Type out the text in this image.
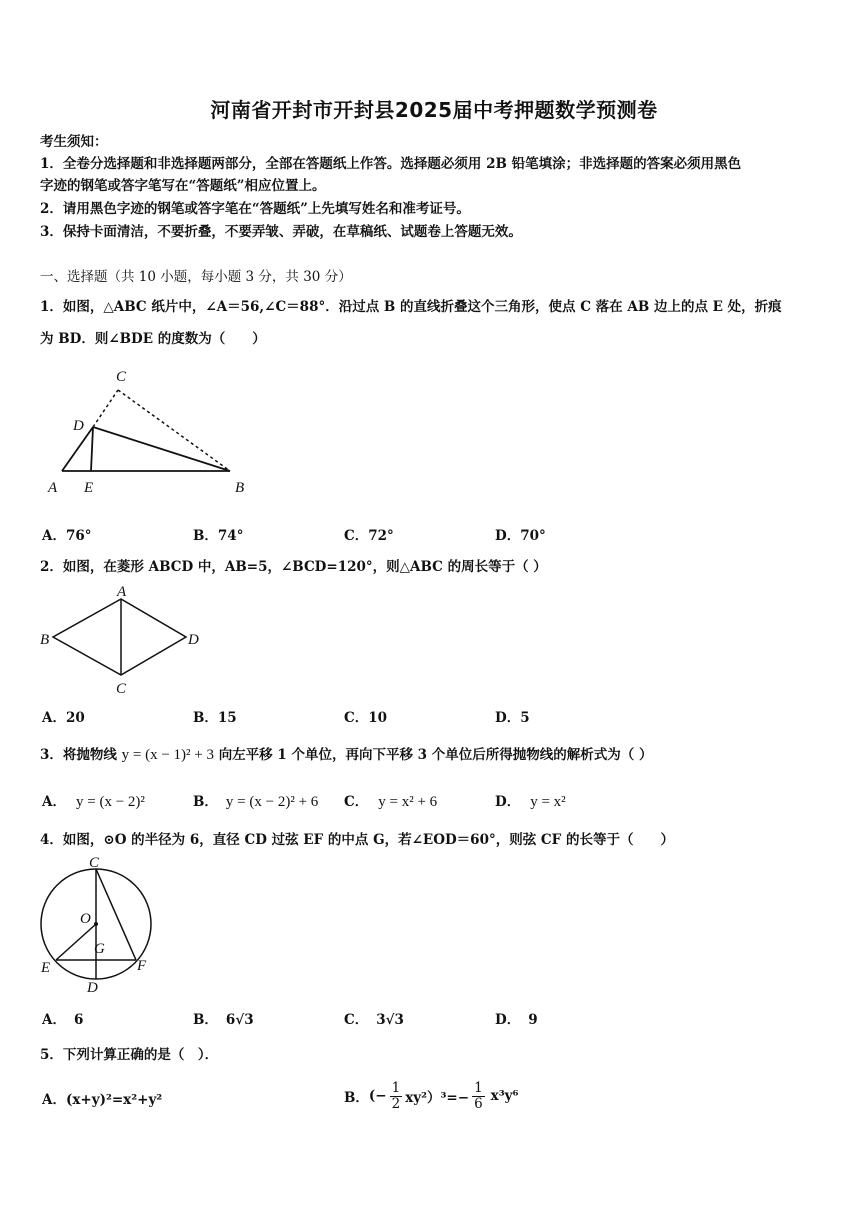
河南省开封市开封县2025届中考押题数学预测卷
考生须知：
1．全卷分选择题和非选择题两部分，全部在答题纸上作答。选择题必须用 2B 铅笔填涂；非选择题的答案必须用黑色
字迹的钢笔或答字笔写在“答题纸”相应位置上。
2．请用黑色字迹的钢笔或答字笔在“答题纸”上先填写姓名和准考证号。
3．保持卡面清洁，不要折叠，不要弄皱、弄破，在草稿纸、试题卷上答题无效。
一、选择题（共 10 小题，每小题 3 分，共 30 分）
1．如图，△ABC 纸片中，∠A＝56,∠C＝88°．沿过点 B 的直线折叠这个三角形，使点 C 落在 AB 边上的点 E 处，折痕
为 BD．则∠BDE 的度数为（　　）
C
D
A E	B
A．76°	B．74°	C．72°	D．70°
2．如图，在菱形 ABCD 中，AB=5，∠BCD=120°，则△ABC 的周长等于（ ）
A
B
C
D
A．20	B．15	C．10	D．5
3．将抛物线 y = (x − 1)² + 3 向左平移 1 个单位，再向下平移 3 个单位后所得抛物线的解析式为（ ）
A． y = (x − 2)²	B． y = (x − 2)² + 6 C． y = x² + 6	D． y = x²
4．如图，⊙O 的半径为 6，直径 CD 过弦 EF 的中点 G，若∠EOD＝60°，则弦 CF 的长等于（　　）
C
O
G
E	F
D
A． 6	B． 6√3	C． 3√3	D． 9
5．下列计算正确的是（　）．
A．(x+y)²=x²+y²	B． (− $\frac{1}{2} xy^2)^3=- \frac{1}{6} x^3y^6$
